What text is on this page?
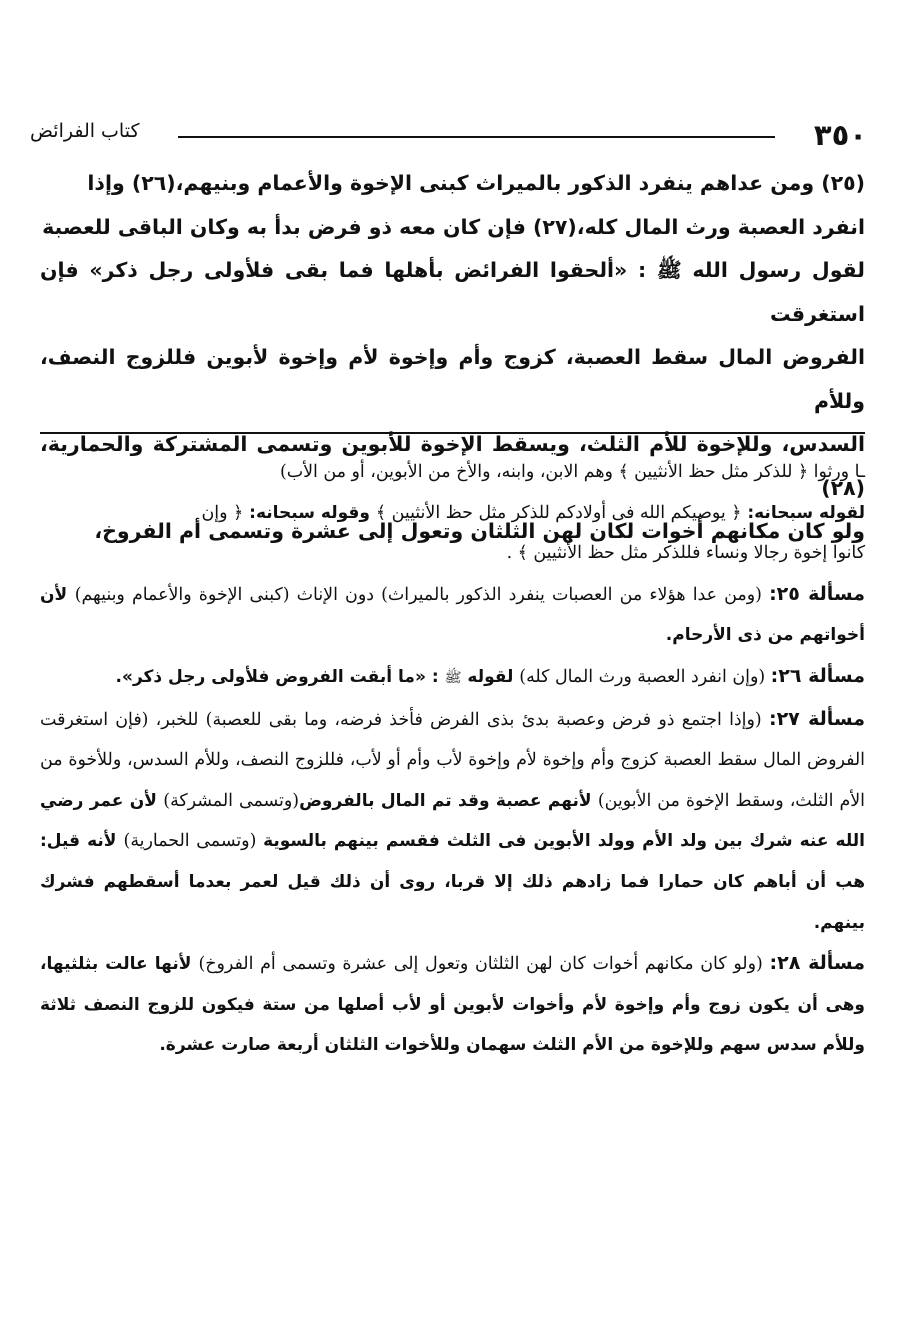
٣٥٠
كتاب الفرائض

(٢٥) ومن عداهم ينفرد الذكور بالميراث كبنى الإخوة والأعمام وبنيهم،(٢٦) وإذا

انفرد العصبة ورث المال كله،(٢٧) فإن كان معه ذو فرض بدأ به وكان الباقى للعصبة

لقول رسول الله ﷺ : «ألحقوا الفرائض بأهلها فما بقى فلأولى رجل ذكر» فإن استغرقت

الفروض المال سقط العصبة، كزوج وأم وإخوة لأم وإخوة لأبوين فللزوج النصف، وللأم

السدس، وللإخوة للأم الثلث، ويسقط الإخوة للأبوين وتسمى المشتركة والحمارية،(٢٨)

ولو كان مكانهم أخوات لكان لهن الثلثان وتعول إلى عشرة وتسمى أم الفروخ،

ـا ورثوا ﴿ للذكر مثل حظ الأنثيين ﴾ وهم الابن، وابنه، والأخ من الأبوين، أو من الأب)

لقوله سبحانه: ﴿ يوصيكم الله فى أولادكم للذكر مثل حظ الأنثيين ﴾ وقوله سبحانه: ﴿ وإن

كانوا إخوة رجالا ونساء فللذكر مثل حظ الأنثيين ﴾ .

مسألة ٢٥: (ومن عدا هؤلاء من العصبات ينفرد الذكور بالميراث) دون الإناث (كبنى الإخوة والأعمام وبنيهم) لأن أخواتهم من ذى الأرحام.

مسألة ٢٦: (وإن انفرد العصبة ورث المال كله) لقوله ﷺ : «ما أبقت الفروض فلأولى رجل ذكر».

مسألة ٢٧: (وإذا اجتمع ذو فرض وعصبة بدئ بذى الفرض فأخذ فرضه، وما بقى للعصبة) للخبر، (فإن استغرقت الفروض المال سقط العصبة كزوج وأم وإخوة لأم وإخوة لأب وأم أو لأب، فللزوج النصف، وللأم السدس، وللأخوة من الأم الثلث، وسقط الإخوة من الأبوين) لأنهم عصبة وقد تم المال بالفروض(وتسمى المشركة) لأن عمر رضي الله عنه شرك بين ولد الأم وولد الأبوين فى الثلث فقسم بينهم بالسوية (وتسمى الحمارية) لأنه قيل: هب أن أباهم كان حمارا فما زادهم ذلك إلا قربا، روى أن ذلك قيل لعمر بعدما أسقطهم فشرك بينهم.

مسألة ٢٨: (ولو كان مكانهم أخوات كان لهن الثلثان وتعول إلى عشرة وتسمى أم الفروخ) لأنها عالت بثلثيها، وهى أن يكون زوج وأم وإخوة لأم وأخوات لأبوين أو لأب أصلها من ستة فيكون للزوج النصف ثلاثة وللأم سدس سهم وللإخوة من الأم الثلث سهمان وللأخوات الثلثان أربعة صارت عشرة.
